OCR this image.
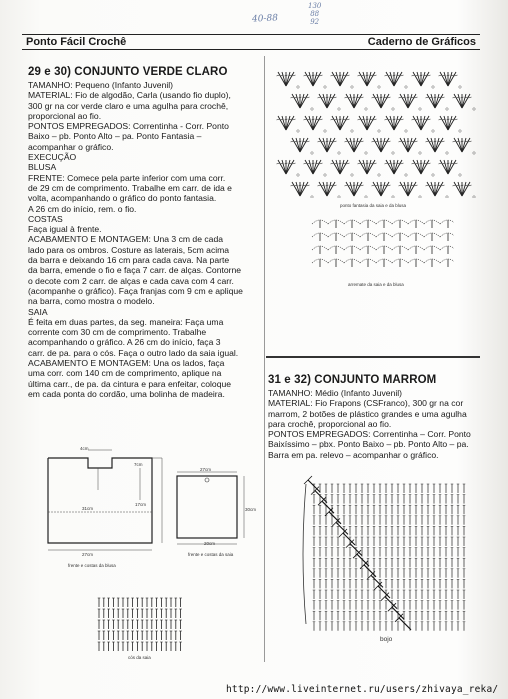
40-88
130
88
92
Ponto Fácil Crochê	Caderno de Gráficos
29 e 30) CONJUNTO VERDE CLARO

TAMANHO: Pequeno (Infanto Juvenil)

MATERIAL: Fio de algodão, Carla (usando fio duplo),

300 gr na cor verde claro e uma agulha para crochê,

proporcional ao fio.

PONTOS EMPREGADOS: Correntinha - Corr. Ponto

Baixo – pb. Ponto Alto – pa. Ponto Fantasia –

acompanhar o gráfico.

EXECUÇÃO

BLUSA

FRENTE: Comece pela parte inferior com uma corr.

de 29 cm de comprimento. Trabalhe em carr. de ida e

volta, acompanhando o gráfico do ponto fantasia.

A 26 cm do início, rem. o fio.

COSTAS

Faça igual à frente.

ACABAMENTO E MONTAGEM: Una 3 cm de cada

lado para os ombros. Costure as laterais, 5cm acima

da barra e deixando 16 cm para cada cava. Na parte

da barra, emende o fio e faça 7 carr. de alças. Contorne

o decote com 2 carr. de alças e cada cava com 4 carr.

(acompanhe o gráfico). Faça franjas com 9 cm e aplique

na barra, como mostra o modelo.

SAIA

É feita em duas partes, da seg. maneira: Faça uma

corrente com 30 cm de comprimento. Trabalhe

acompanhando o gráfico. A 26 cm do início, faça 3

carr. de pa. para o cós. Faça o outro lado da saia igual.

ACABAMENTO E MONTAGEM: Una os lados, faça

uma corr. com 140 cm de comprimento, aplique na

última carr., de pa. da cintura e para enfeitar, coloque

em cada ponta do cordão, uma bolinha de madeira.

4cm
7cm
17cm
31cm
27cm
frente e costas da blusa
27cm
30cm
20cm
frente e costas da saia
cós da saia
ponto fantasia da saia e da blusa
arremate da saia e da blusa
31 e 32) CONJUNTO MARROM

TAMANHO: Médio (Infanto Juvenil)

MATERIAL: Fio Frapons (CSFranco), 300 gr na cor

marrom, 2 botões de plástico grandes e uma agulha

para crochê, proporcional ao fio.

PONTOS EMPREGADOS: Correntinha – Corr. Ponto

Baixíssimo – pbx. Ponto Baixo – pb. Ponto Alto – pa.

Barra em pa. relevo – acompanhar o gráfico.

bojo
http://www.liveinternet.ru/users/zhivaya_reka/
